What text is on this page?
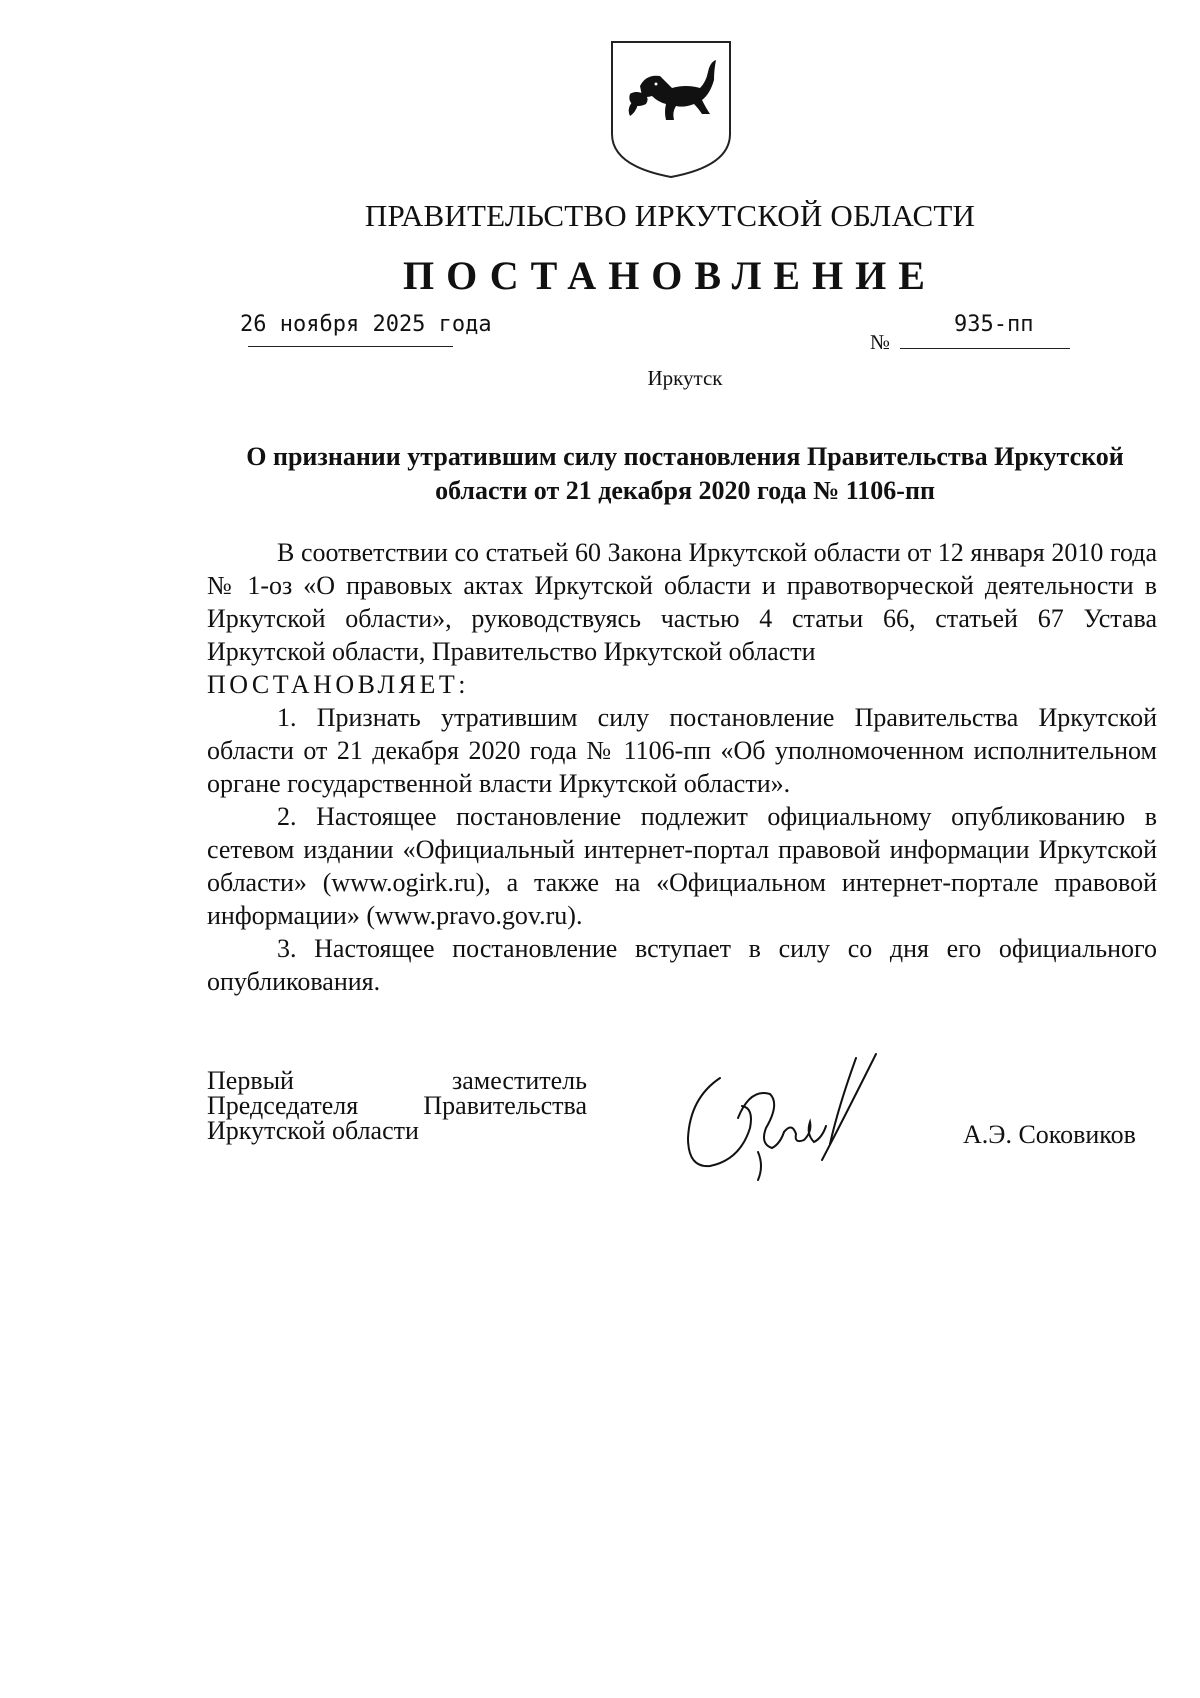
ПРАВИТЕЛЬСТВО ИРКУТСКОЙ ОБЛАСТИ
ПОСТАНОВЛЕНИЕ
26 ноября 2025 года
№
935-пп
Иркутск
О признании утратившим силу постановления Правительства Иркутской области от 21 декабря 2020 года № 1106-пп

В соответствии со статьей 60 Закона Иркутской области от 12 января 2010 года № 1-оз «О правовых актах Иркутской области и правотворческой деятельности в Иркутской области», руководствуясь частью 4 статьи 66, статьей 67 Устава Иркутской области, Правительство Иркутской области

ПОСТАНОВЛЯЕТ:

1. Признать утратившим силу постановление Правительства Иркутской области от 21 декабря 2020 года № 1106-пп «Об уполномоченном исполнительном органе государственной власти Иркутской области».

2. Настоящее постановление подлежит официальному опубликованию в сетевом издании «Официальный интернет-портал правовой информации Иркутской области» (www.ogirk.ru), а также на «Официальном интернет-портале правовой информации» (www.pravo.gov.ru).

3. Настоящее постановление вступает в силу со дня его официального опубликования.

Первый	заместитель
Председателя	Правительства
Иркутской области	А.Э. Соковиков
